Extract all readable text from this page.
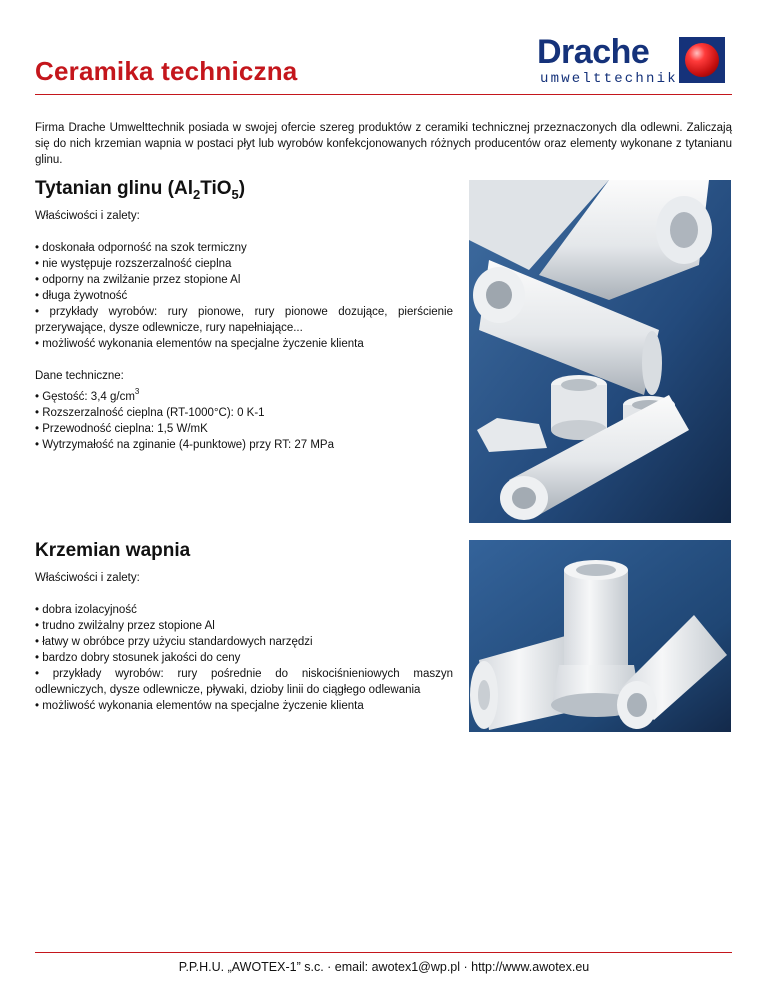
Ceramika techniczna	Drache
umwelttechnik

Firma Drache Umwelttechnik posiada w swojej ofercie szereg produktów z ceramiki technicznej przeznaczonych dla odlewni. Zaliczają się do nich krzemian wapnia w postaci płyt lub wyrobów konfekcjonowanych różnych producentów oraz elementy wykonane z tytanianu glinu.

Tytanian glinu $(Al_2TiO_5)$

Właściwości i zalety:

• doskonała odporność na szok termiczny
• nie występuje rozszerzalność cieplna
• odporny na zwilżanie przez stopione Al
• długa żywotność
• przykłady wyrobów: rury pionowe, rury pionowe dozujące, pierścienie przerywające, dysze odlewnicze, rury napełniające...
• możliwość wykonania elementów na specjalne życzenie klienta

Dane techniczne:

• Gęstość: 3,4 $g/cm^3$
• Rozszerzalność cieplna (RT-1000°C): 0 K-1
• Przewodność cieplna: 1,5 W/mK
• Wytrzymałość na zginanie (4-punktowe) przy RT: 27 MPa
Krzemian wapnia

Właściwości i zalety:

• dobra izolacyjność
• trudno zwilżalny przez stopione Al
• łatwy w obróbce przy użyciu standardowych narzędzi
• bardzo dobry stosunek jakości do ceny
• przykłady wyrobów: rury pośrednie do niskociśnieniowych maszyn odlewniczych, dysze odlewnicze, pływaki, dzioby linii do ciągłego odlewania
• możliwość wykonania elementów na specjalne życzenie klienta
P.P.H.U. „AWOTEX-1” s.c. · email: awotex1@wp.pl · http://www.awotex.eu
